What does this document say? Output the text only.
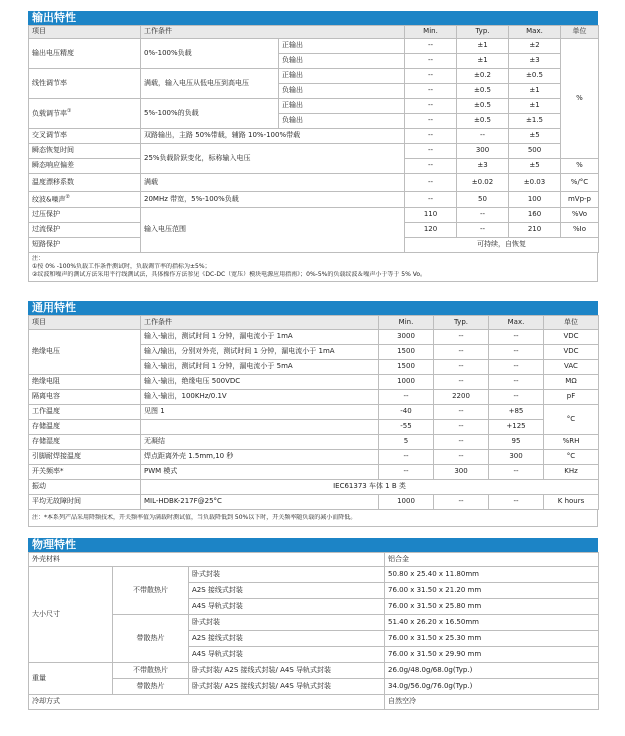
输出特性
项目	工作条件		Min.	Typ.	Max.	单位	
输出电压精度	0%-100%负载	正输出	--	±1	±2	%	
		负输出	--	±1	±3		
线性调节率	满载，输入电压从低电压到高电压	正输出	--	±0.2	±0.5		
		负输出	--	±0.5	±1		
负载调节率①	5%-100%的负载	正输出	--	±0.5	±1		
		负输出	--	±0.5	±1.5		
交叉调节率	双路输出，主路 50%带载，辅路 10%-100%带载		--	--	±5		
瞬态恢复时间	25%负载阶跃变化，标称输入电压		--	300	500	
瞬态响应偏差			--	±3	±5	%	
温度漂移系数	满载		--	±0.02	±0.03	%/°C	
纹波&噪声②	20MHz 带宽，5%-100%负载		--	50	100	mVp-p	
过压保护	输入电压范围		110	--	160	%Vo	
过流保护			120	--	210	%Io	
短路保护			可持续，自恢复				
注：
①按 0% -100%负载工作条件测试时，负载调节率的指标为±5%；
②纹波和噪声的测试方法采用平行线测试法，具体操作方法参见《DC-DC（宽压）模块电源应用指南》；0%-5%的负载纹波＆噪声小于等于 5% Vo。
通用特性
项目	工作条件	Min.	Typ.	Max.	单位
绝缘电压	输入-输出，测试时间 1 分钟，漏电流小于 1mA	3000	--	--	VDC
	输入/输出，分别对外壳，测试时间 1 分钟，漏电流小于 1mA	1500	--	--	VDC
	输入-输出，测试时间 1 分钟，漏电流小于 5mA	1500	--	--	VAC
绝缘电阻	输入-输出，绝缘电压 500VDC	1000	--	--	MΩ
隔离电容	输入-输出，100KHz/0.1V	--	2200	--	pF
工作温度	见图 1	-40	--	+85	°C
存储温度		-55	--	+125	
存储湿度	无凝结	5	--	95	%RH
引脚耐焊接温度	焊点距离外壳 1.5mm,10 秒	--	--	300	°C
开关频率*	PWM 模式	--	300	--	KHz
振动	IEC61373 车体 1 B 类				
平均无故障时间	MIL-HDBK-217F@25°C	1000	--	--	K hours
注：*本系列产品采用降频技术，开关频率值为满载时测试值，当负载降低到 50%以下时，开关频率随负载的减小而降低。
物理特性
外壳材料			铝合金
大小尺寸	不带散热片	卧式封装	50.80 x 25.40 x 11.80mm
		A2S 接线式封装	76.00 x 31.50 x 21.20 mm
		A4S 导轨式封装	76.00 x 31.50 x 25.80 mm
	带散热片	卧式封装	51.40 x 26.20 x 16.50mm
		A2S 接线式封装	76.00 x 31.50 x 25.30 mm
		A4S 导轨式封装	76.00 x 31.50 x 29.90 mm
重量	不带散热片	卧式封装/ A2S 接线式封装/ A4S 导轨式封装	26.0g/48.0g/68.0g(Typ.)
	带散热片	卧式封装/ A2S 接线式封装/ A4S 导轨式封装	34.0g/56.0g/76.0g(Typ.)
冷却方式			自然空冷
